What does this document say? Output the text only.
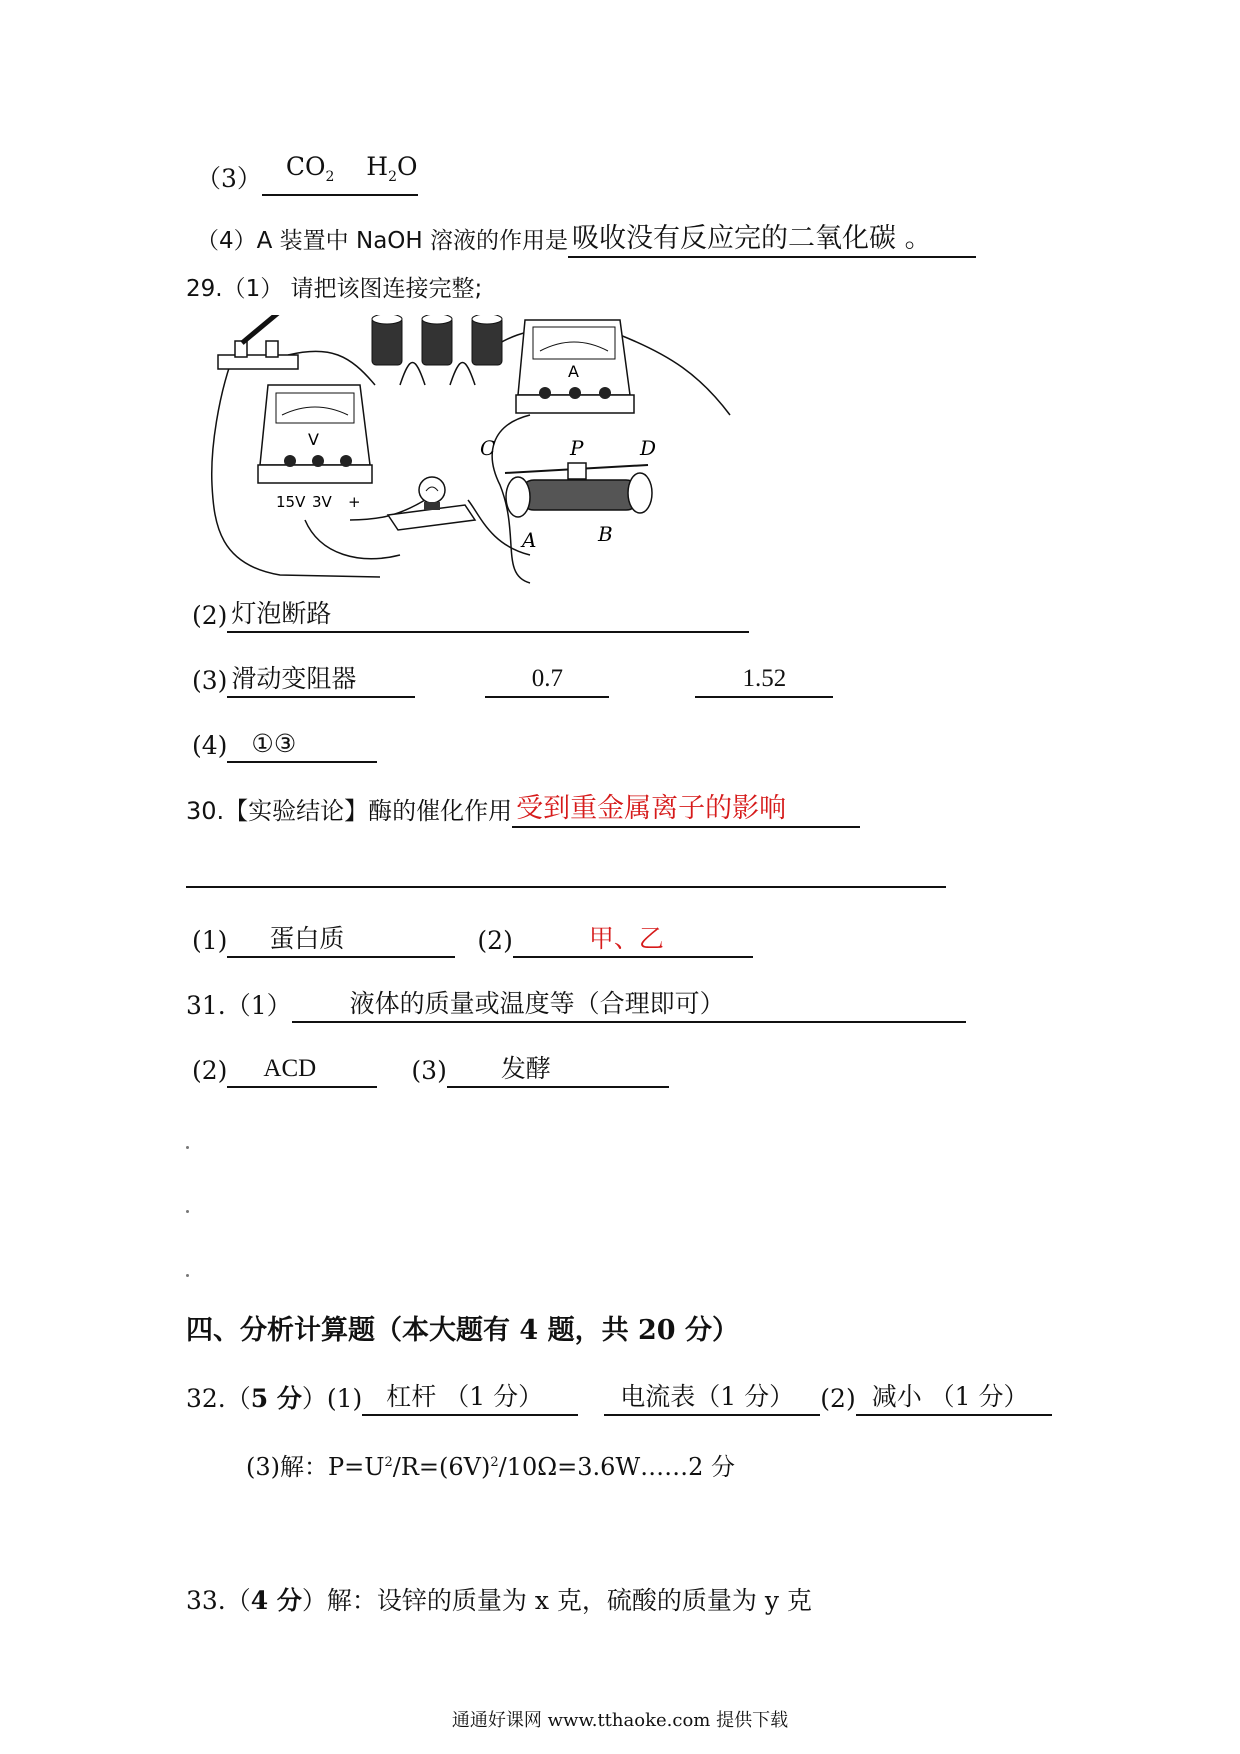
（3） $CO_2$ $H_2O$
（4）A 装置中 NaOH 溶液的作用是 吸收没有反应完的二氧化碳 。
29.（1） 请把该图连接完整;
A
V
15V 3V +
C	P	D
A	B
(2) 灯泡断路
(3) 滑动变阻器	0.7	1.52
(4) ①③
30.【实验结论】酶的催化作用 受到重金属离子的影响
(1) 蛋白质	(2)	甲、乙
31.（1） 液体的质量或温度等（合理即可）
(2) ACD	(3) 发酵
四、分析计算题（本大题有 4 题，共 20 分）
32.（5 分）(1) 杠杆 （1 分）	电流表（1 分） (2) 减小 （1 分）
(3)解：$P=U^2/R=(6V)^2/10\Omega=3.6W\dots\dots 2$ 分
33.（4 分）解：设锌的质量为 x 克，硫酸的质量为 y 克
通通好课网 www.tthaoke.com 提供下载
